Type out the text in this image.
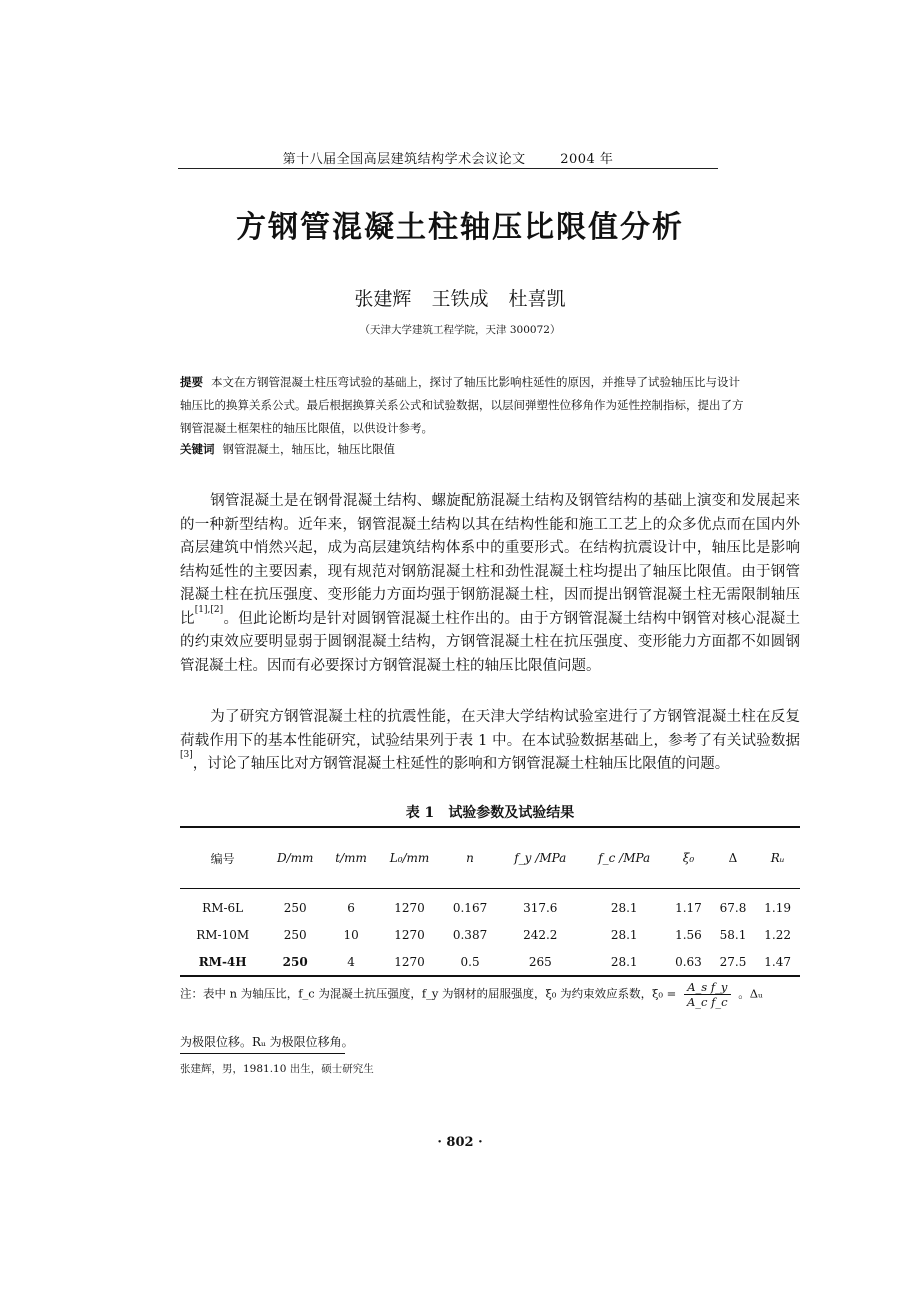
第十八届全国高层建筑结构学术会议论文	2004 年
方钢管混凝土柱轴压比限值分析
张建辉 王铁成 杜喜凯
（天津大学建筑工程学院，天津 300072）
提要 本文在方钢管混凝土柱压弯试验的基础上，探讨了轴压比影响柱延性的原因，并推导了试验轴压比与设计轴压比的换算关系公式。最后根据换算关系公式和试验数据，以层间弹塑性位移角作为延性控制指标，提出了方钢管混凝土框架柱的轴压比限值，以供设计参考。
关键词 钢管混凝土，轴压比，轴压比限值
钢管混凝土是在钢骨混凝土结构、螺旋配筋混凝土结构及钢管结构的基础上演变和发展起来的一种新型结构。近年来，钢管混凝土结构以其在结构性能和施工工艺上的众多优点而在国内外高层建筑中悄然兴起，成为高层建筑结构体系中的重要形式。在结构抗震设计中，轴压比是影响结构延性的主要因素，现有规范对钢筋混凝土柱和劲性混凝土柱均提出了轴压比限值。由于钢管混凝土柱在抗压强度、变形能力方面均强于钢筋混凝土柱，因而提出钢管混凝土柱无需限制轴压比[1],[2]。但此论断均是针对圆钢管混凝土柱作出的。由于方钢管混凝土结构中钢管对核心混凝土的约束效应要明显弱于圆钢混凝土结构，方钢管混凝土柱在抗压强度、变形能力方面都不如圆钢管混凝土柱。因而有必要探讨方钢管混凝土柱的轴压比限值问题。
为了研究方钢管混凝土柱的抗震性能，在天津大学结构试验室进行了方钢管混凝土柱在反复荷载作用下的基本性能研究，试验结果列于表 1 中。在本试验数据基础上，参考了有关试验数据[3]，讨论了轴压比对方钢管混凝土柱延性的影响和方钢管混凝土柱轴压比限值的问题。
表 1 试验参数及试验结果
编号	D/mm	t/mm	L₀/mm	n	f_y /MPa	f_c /MPa	ξ₀	Δ	Rᵤ
RM-6L	250	6	1270	0.167	317.6	28.1	1.17	67.8	1.19
RM-10M	250	10	1270	0.387	242.2	28.1	1.56	58.1	1.22
RM-4H	250	4	1270	0.5	265	28.1	0.63	27.5	1.47
注：表中 n 为轴压比，f_c 为混凝土抗压强度，f_y 为钢材的屈服强度，ξ₀ 为约束效应系数，$\xi_0 = \frac{\text{A\_s f\_y}}{\text{A\_c f\_c}}$ 。Δᵤ
为极限位移。Rᵤ 为极限位移角。
张建辉，男，1981.10 出生，硕士研究生
· 802 ·
